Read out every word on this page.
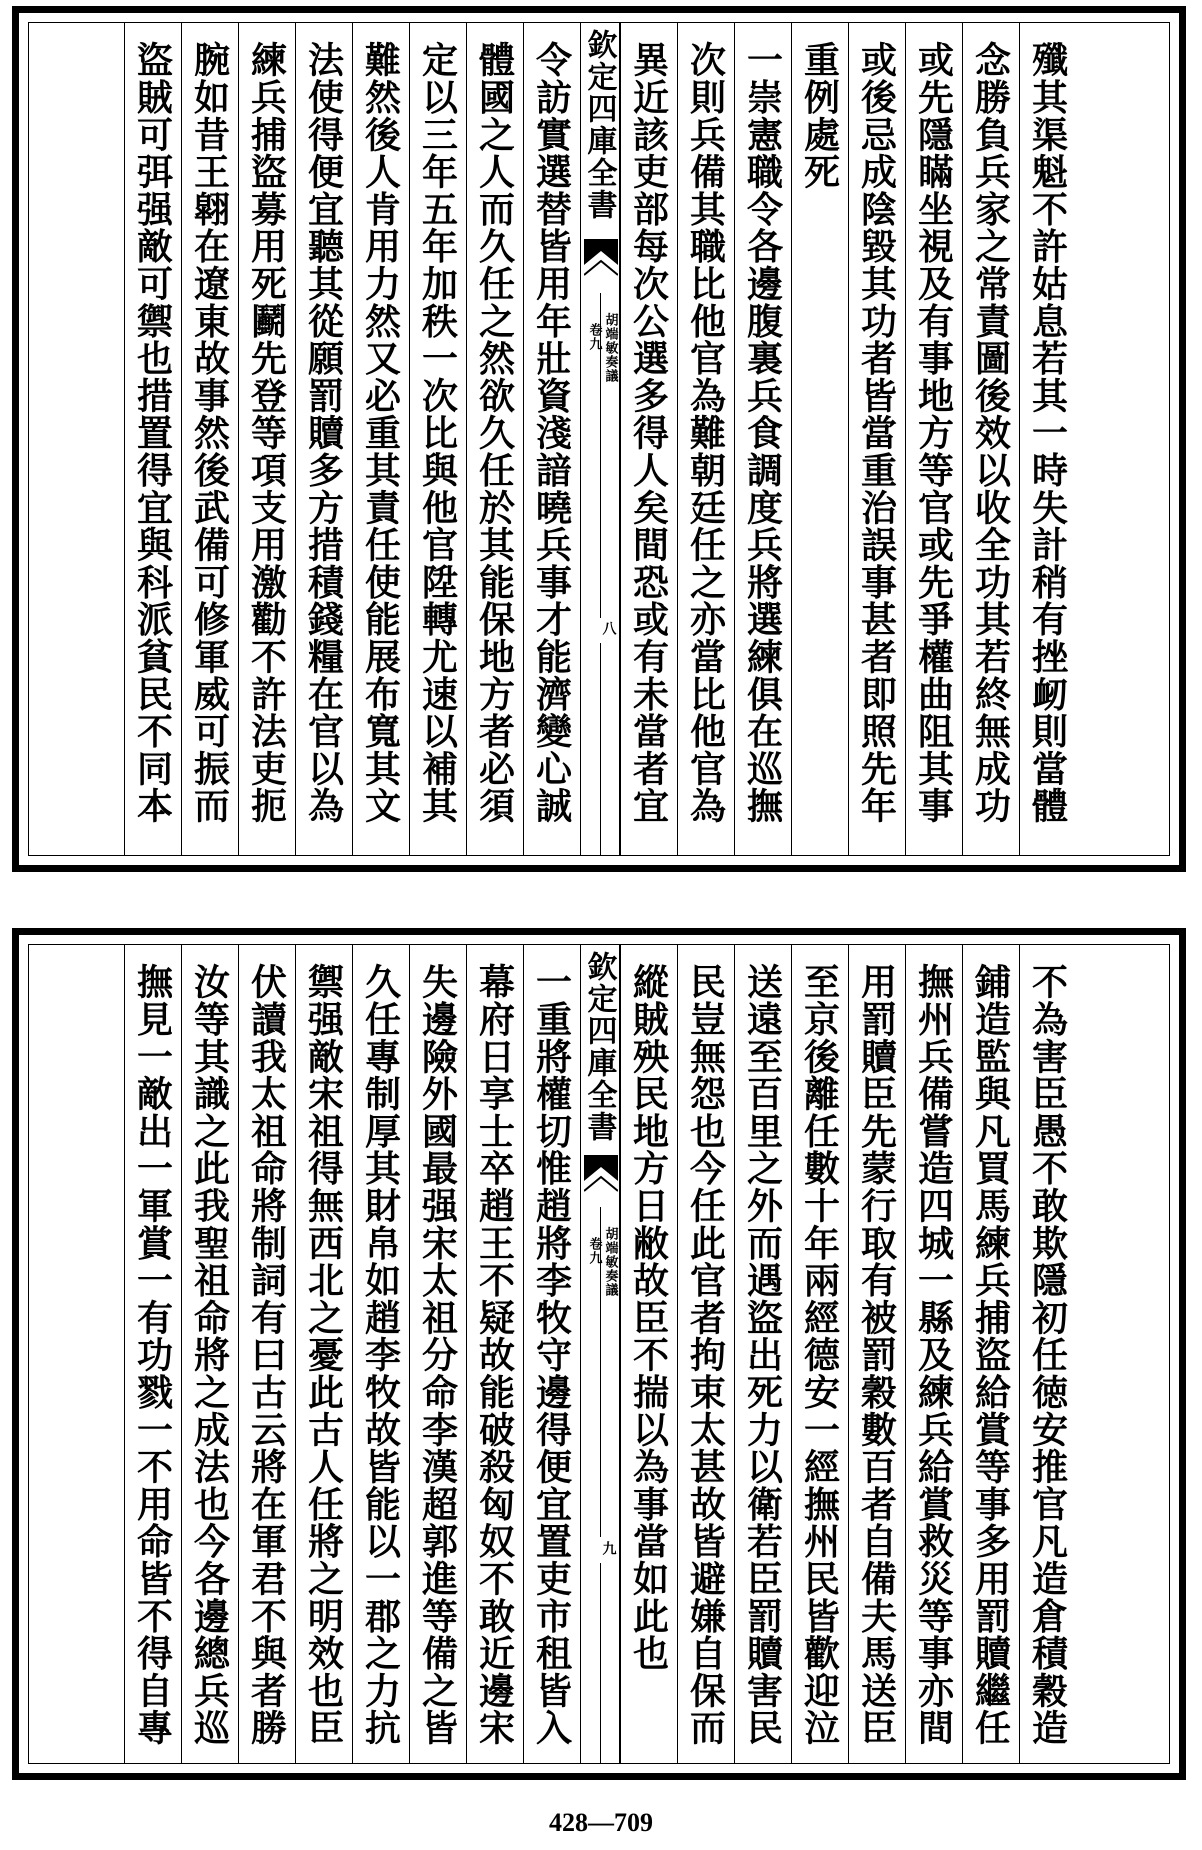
殲其渠魁不許姑息若其一時失計稍有挫衂則當體
念勝負兵家之常責圖後效以收全功其若終無成功
或先隱瞞坐視及有事地方等官或先爭權曲阻其事
或後忌成陰毀其功者皆當重治誤事甚者即照先年
重例處死
一崇憲職令各邊腹裏兵食調度兵將選練俱在巡撫
次則兵備其職比他官為難朝廷任之亦當比他官為
異近該吏部每次公選多得人矣間恐或有未當者宜
令訪實選替皆用年壯資淺諳曉兵事才能濟變心誠
體國之人而久任之然欲久任於其能保地方者必須
定以三年五年加秩一次比與他官陞轉尤速以補其
難然後人肯用力然又必重其責任使能展布寬其文
法使得便宜聽其從願罰贖多方措積錢糧在官以為
練兵捕盜募用死鬬先登等項支用激勸不許法吏扼
腕如昔王翶在遼東故事然後武備可修軍威可振而
盜賊可弭强敵可禦也措置得宜與科派貧民不同本	欽定四庫全書
卷九 胡端敏奏議
八
不為害臣愚不敢欺隱初任徳安推官凡造倉積穀造
鋪造監與凡買馬練兵捕盜給賞等事多用罰贖繼任
撫州兵備嘗造四城一縣及練兵給賞救災等事亦間
用罰贖臣先蒙行取有被罰穀數百者自備夫馬送臣
至京後離任數十年兩經德安一經撫州民皆歡迎泣
送遠至百里之外而遇盜出死力以衛若臣罰贖害民
民豈無怨也今任此官者拘束太甚故皆避嫌自保而
縱賊殃民地方日敝故臣不揣以為事當如此也
一重將權切惟趙將李牧守邊得便宜置吏市租皆入
幕府日享士卒趙王不疑故能破殺匈奴不敢近邊宋
失邊險外國最强宋太祖分命李漢超郭進等備之皆
久任專制厚其財帛如趙李牧故皆能以一郡之力抗
禦强敵宋祖得無西北之憂此古人任將之明效也臣
伏讀我太祖命將制詞有曰古云將在軍君不與者勝
汝等其識之此我聖祖命將之成法也今各邊總兵巡
撫見一敵出一軍賞一有功戮一不用命皆不得自專	欽定四庫全書
卷九 胡端敏奏議
九
428—709
